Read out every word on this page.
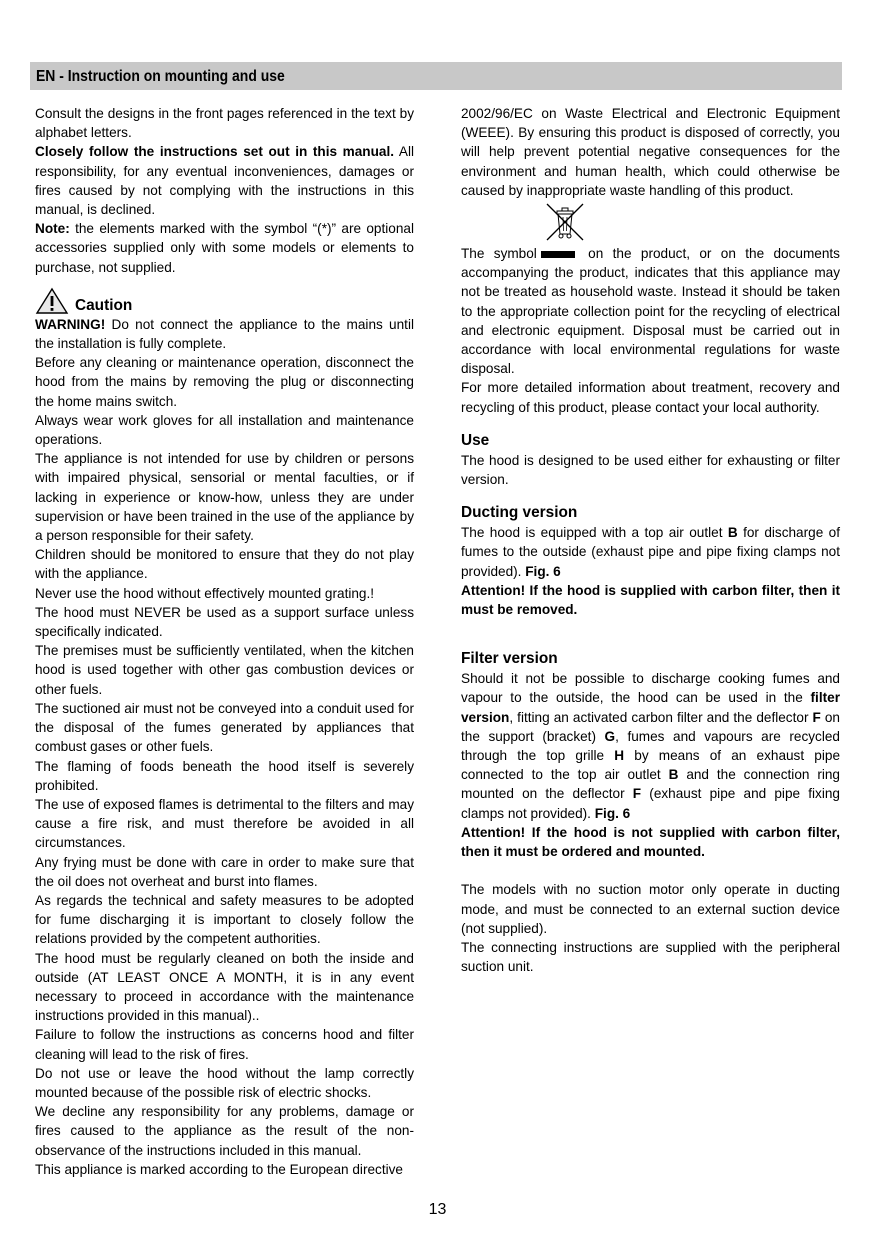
EN - Instruction on mounting and use

Consult the designs in the front pages referenced in the text by alphabet letters.

Closely follow the instructions set out in this manual. All responsibility, for any eventual inconveniences, damages or fires caused by not complying with the instructions in this manual, is declined.

Note: the elements marked with the symbol “(*)” are optional accessories supplied only with some models or elements to purchase, not supplied.

Caution

WARNING! Do not connect the appliance to the mains until the installation is fully complete.

Before any cleaning or maintenance operation, disconnect the hood from the mains by removing the plug or disconnecting the home mains switch.

Always wear work gloves for all installation and maintenance operations.

The appliance is not intended for use by children or persons with impaired physical, sensorial or mental faculties, or if lacking in experience or know-how, unless they are under supervision or have been trained in the use of the appliance by a person responsible for their safety.

Children should be monitored to ensure that they do not play with the appliance.

Never use the hood without effectively mounted grating.!

The hood must NEVER be used as a support surface unless specifically indicated.

The premises must be sufficiently ventilated, when the kitchen hood is used together with other gas combustion devices or other fuels.

The suctioned air must not be conveyed into a conduit used for the disposal of the fumes generated by appliances that combust gases or other fuels.

The flaming of foods beneath the hood itself is severely prohibited.

The use of exposed flames is detrimental to the filters and may cause a fire risk, and must therefore be avoided in all circumstances.

Any frying must be done with care in order to make sure that the oil does not overheat and burst into flames.

As regards the technical and safety measures to be adopted for fume discharging it is important to closely follow the relations provided by the competent authorities.

The hood must be regularly cleaned on both the inside and outside (AT LEAST ONCE A MONTH, it is in any event necessary to proceed in accordance with the maintenance instructions provided in this manual)..

Failure to follow the instructions as concerns hood and filter cleaning will lead to the risk of fires.

Do not use or leave the hood without the lamp correctly mounted because of the possible risk of electric shocks.

We decline any responsibility for any problems, damage or fires caused to the appliance as the result of the non-observance of the instructions included in this manual.

This appliance is marked according to the European directive

2002/96/EC on Waste Electrical and Electronic Equipment (WEEE). By ensuring this product is disposed of correctly, you will help prevent potential negative consequences for the environment and human health, which could otherwise be caused by inappropriate waste handling of this product.

The symbol	on the product, or on the documents accompanying the product, indicates that this appliance may not be treated as household waste. Instead it should be taken to the appropriate collection point for the recycling of electrical and electronic equipment. Disposal must be carried out in accordance with local environmental regulations for waste disposal.

For more detailed information about treatment, recovery and recycling of this product, please contact your local authority.

Use

The hood is designed to be used either for exhausting or filter version.

Ducting version

The hood is equipped with a top air outlet B for discharge of fumes to the outside (exhaust pipe and pipe fixing clamps not provided). Fig. 6

Attention! If the hood is supplied with carbon filter, then it must be removed.

Filter version

Should it not be possible to discharge cooking fumes and vapour to the outside, the hood can be used in the filter version, fitting an activated carbon filter and the deflector F on the support (bracket) G, fumes and vapours are recycled through the top grille H by means of an exhaust pipe connected to the top air outlet B and the connection ring mounted on the deflector F (exhaust pipe and pipe fixing clamps not provided). Fig. 6

Attention! If the hood is not supplied with carbon filter, then it must be ordered and mounted.

The models with no suction motor only operate in ducting mode, and must be connected to an external suction device (not supplied).

The connecting instructions are supplied with the peripheral suction unit.

13
